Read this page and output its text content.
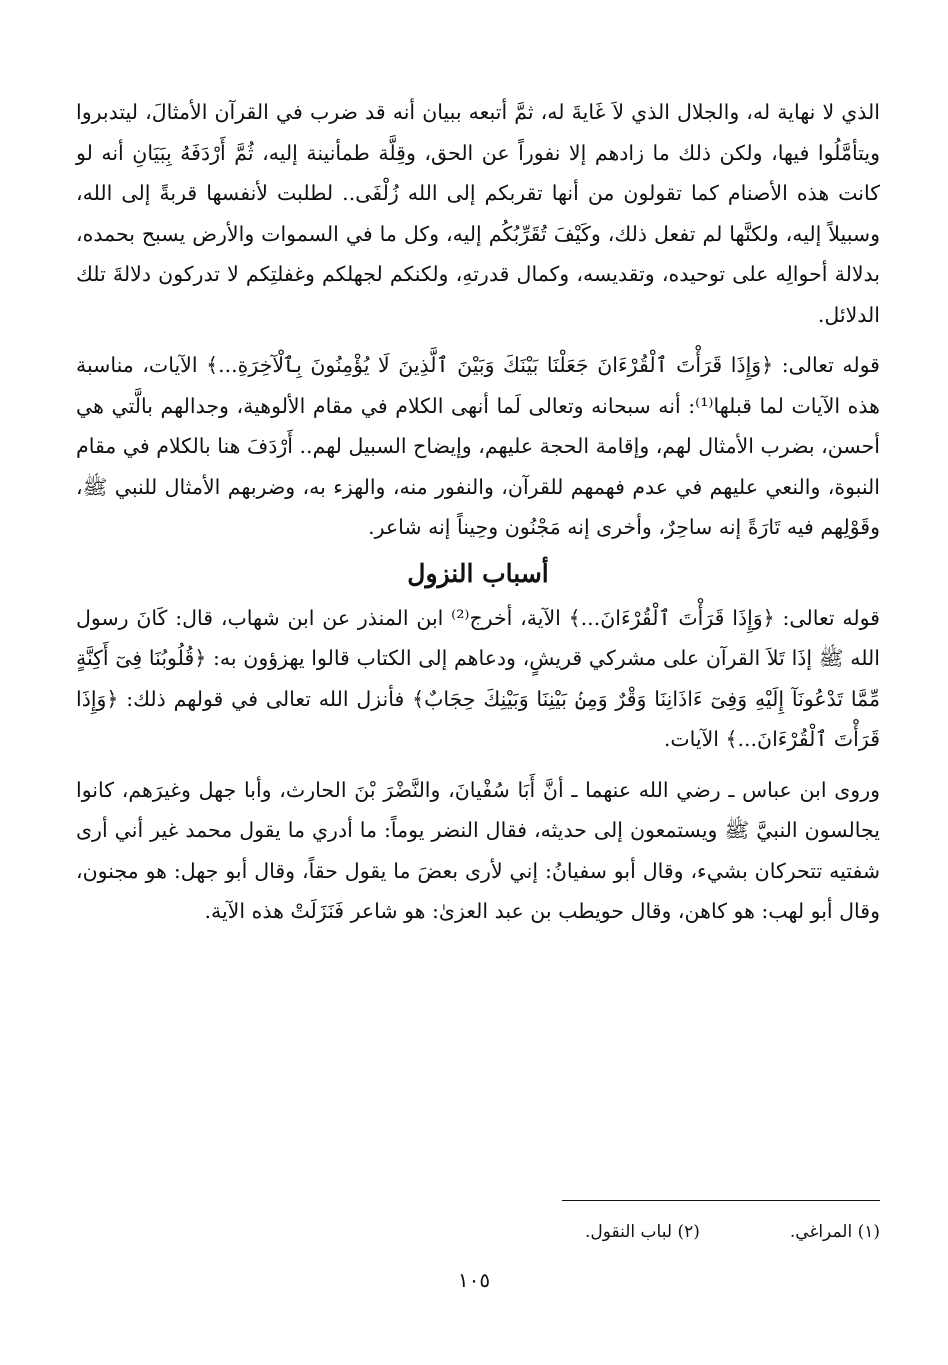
الذي لا نهاية له، والجلال الذي لاَ غَايةَ له، ثمَّ أتبعه ببيان أنه قد ضرب في القرآن الأمثالَ، ليتدبروا ويتأمَّلُوا فيها، ولكن ذلك ما زادهم إلا نفوراً عن الحق، وقِلَّة طمأنينة إليه، ثُمَّ أَرْدَفَهُ بِبَيَانِ أنه لو كانت هذه الأصنام كما تقولون من أنها تقربكم إلى الله زُلْفَى.. لطلبت لأنفسها قربةً إلى الله، وسبيلاً إليه، ولكنَّها لم تفعل ذلك، وكَيْفَ تُقَرِّبُكُم إليه، وكل ما في السموات والأرض يسبح بحمده، بدلالة أحوالِه على توحيده، وتقديسه، وكمال قدرتهِ، ولكنكم لجهلكم وغفلتِكم لا تدركون دلالةَ تلك الدلائل.

قوله تعالى: ﴿وَإِذَا قَرَأْتَ ٱلْقُرْءَانَ جَعَلْنَا بَيْنَكَ وَبَيْنَ ٱلَّذِينَ لَا يُؤْمِنُونَ بِٱلْآخِرَةِ...﴾ الآيات، مناسبة هذه الآيات لما قبلها⁽¹⁾: أنه سبحانه وتعالى لَما أنهى الكلام في مقام الألوهية، وجدالهم بالَّتي هي أحسن، بضرب الأمثال لهم، وإقامة الحجة عليهم، وإيضاح السبيل لهم.. أَرْدَفَ هنا بالكلام في مقام النبوة، والنعي عليهم في عدم فهمهم للقرآن، والنفور منه، والهزء به، وضربهم الأمثال للنبي ﷺ، وقَوْلِهم فيه تَارَةً إنه ساحِرٌ، وأخرى إنه مَجْنُون وحِيناً إنه شاعر.

أسباب النزول

قوله تعالى: ﴿وَإِذَا قَرَأْتَ ٱلْقُرْءَانَ...﴾ الآية، أخرج⁽²⁾ ابن المنذر عن ابن شهاب، قال: كَانَ رسول الله ﷺ إذَا تَلاَ القرآن على مشركي قريشٍ، ودعاهم إلى الكتاب قالوا يهزؤون به: ﴿قُلُوبُنَا فِىٓ أَكِنَّةٍ مِّمَّا تَدْعُونَآ إِلَيْهِ وَفِىٓ ءَاذَانِنَا وَقْرٌ وَمِنۢ بَيْنِنَا وَبَيْنِكَ حِجَابٌ﴾ فأنزل الله تعالى في قولهم ذلك: ﴿وَإِذَا قَرَأْتَ ٱلْقُرْءَانَ...﴾ الآيات.

وروى ابن عباس ـ رضي الله عنهما ـ أنَّ أَبَا سُفْيانَ، والنَّضْرَ بْنَ الحارث، وأبا جهل وغيرَهم، كانوا يجالسون النبيَّ ﷺ ويستمعون إلى حديثه، فقال النضر يوماً: ما أدري ما يقول محمد غير أني أرى شفتيه تتحركان بشيء، وقال أبو سفيانُ: إني لأرى بعضَ ما يقول حقاً، وقال أبو جهل: هو مجنون، وقال أبو لهب: هو كاهن، وقال حويطب بن عبد العزىٰ: هو شاعر فَنَزَلَتْ هذه الآية.

(١) المراغي.
(٢) لباب النقول.
١٠٥
